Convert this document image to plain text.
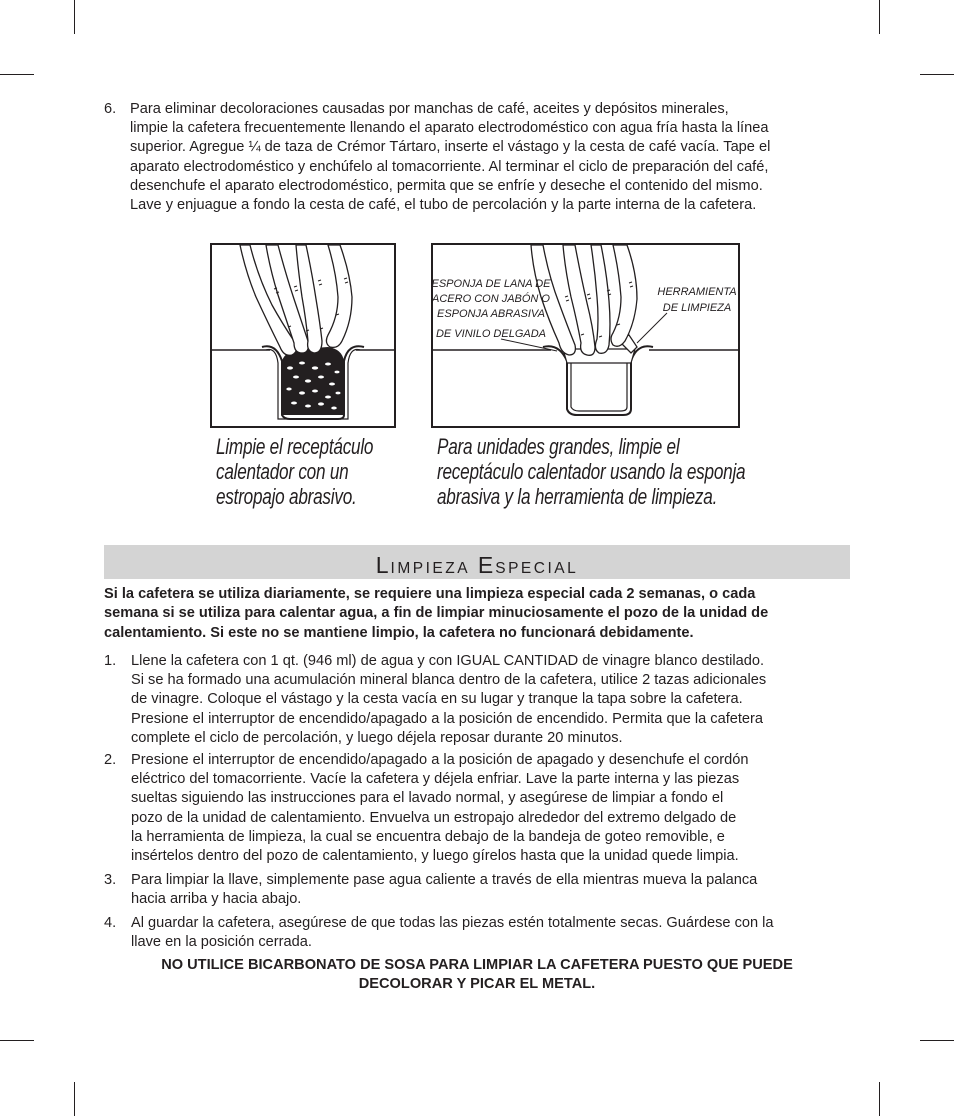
6. Para eliminar decoloraciones causadas por manchas de café, aceites y depósitos minerales,
limpie la cafetera frecuentemente llenando el aparato electrodoméstico con agua fría hasta la línea
superior. Agregue ¼ de taza de Crémor Tártaro, inserte el vástago y la cesta de café vacía. Tape el
aparato electrodoméstico y enchúfelo al tomacorriente. Al terminar el ciclo de preparación del café,
desenchufe el aparato electrodoméstico, permita que se enfríe y deseche el contenido del mismo.
Lave y enjuague a fondo la cesta de café, el tubo de percolación y la parte interna de la cafetera.
Limpie el receptáculo
calentador con un
estropajo abrasivo.
ESPONJA DE LANA DE
ACERO CON JABÓN O
ESPONJA ABRASIVA
DE VINILO DELGADA
HERRAMIENTA
DE LIMPIEZA
Para unidades grandes, limpie el
receptáculo calentador usando la esponja
abrasiva y la herramienta de limpieza.
LIMPIEZA ESPECIAL
Si la cafetera se utiliza diariamente, se requiere una limpieza especial cada 2 semanas, o cada
semana si se utiliza para calentar agua, a fin de limpiar minuciosamente el pozo de la unidad de
calentamiento. Si este no se mantiene limpio, la cafetera no funcionará debidamente.
1. Llene la cafetera con 1 qt. (946 ml) de agua y con IGUAL CANTIDAD de vinagre blanco destilado.
Si se ha formado una acumulación mineral blanca dentro de la cafetera, utilice 2 tazas adicionales
de vinagre. Coloque el vástago y la cesta vacía en su lugar y tranque la tapa sobre la cafetera.
Presione el interruptor de encendido/apagado a la posición de encendido. Permita que la cafetera
complete el ciclo de percolación, y luego déjela reposar durante 20 minutos.
2. Presione el interruptor de encendido/apagado a la posición de apagado y desenchufe el cordón
eléctrico del tomacorriente. Vacíe la cafetera y déjela enfriar. Lave la parte interna y las piezas
sueltas siguiendo las instrucciones para el lavado normal, y asegúrese de limpiar a fondo el
pozo de la unidad de calentamiento. Envuelva un estropajo alrededor del extremo delgado de
la herramienta de limpieza, la cual se encuentra debajo de la bandeja de goteo removible, e
insértelos dentro del pozo de calentamiento, y luego gírelos hasta que la unidad quede limpia.
3. Para limpiar la llave, simplemente pase agua caliente a través de ella mientras mueva la palanca
hacia arriba y hacia abajo.
4. Al guardar la cafetera, asegúrese de que todas las piezas estén totalmente secas. Guárdese con la
llave en la posición cerrada.
NO UTILICE BICARBONATO DE SOSA PARA LIMPIAR LA CAFETERA PUESTO QUE PUEDE
DECOLORAR Y PICAR EL METAL.
